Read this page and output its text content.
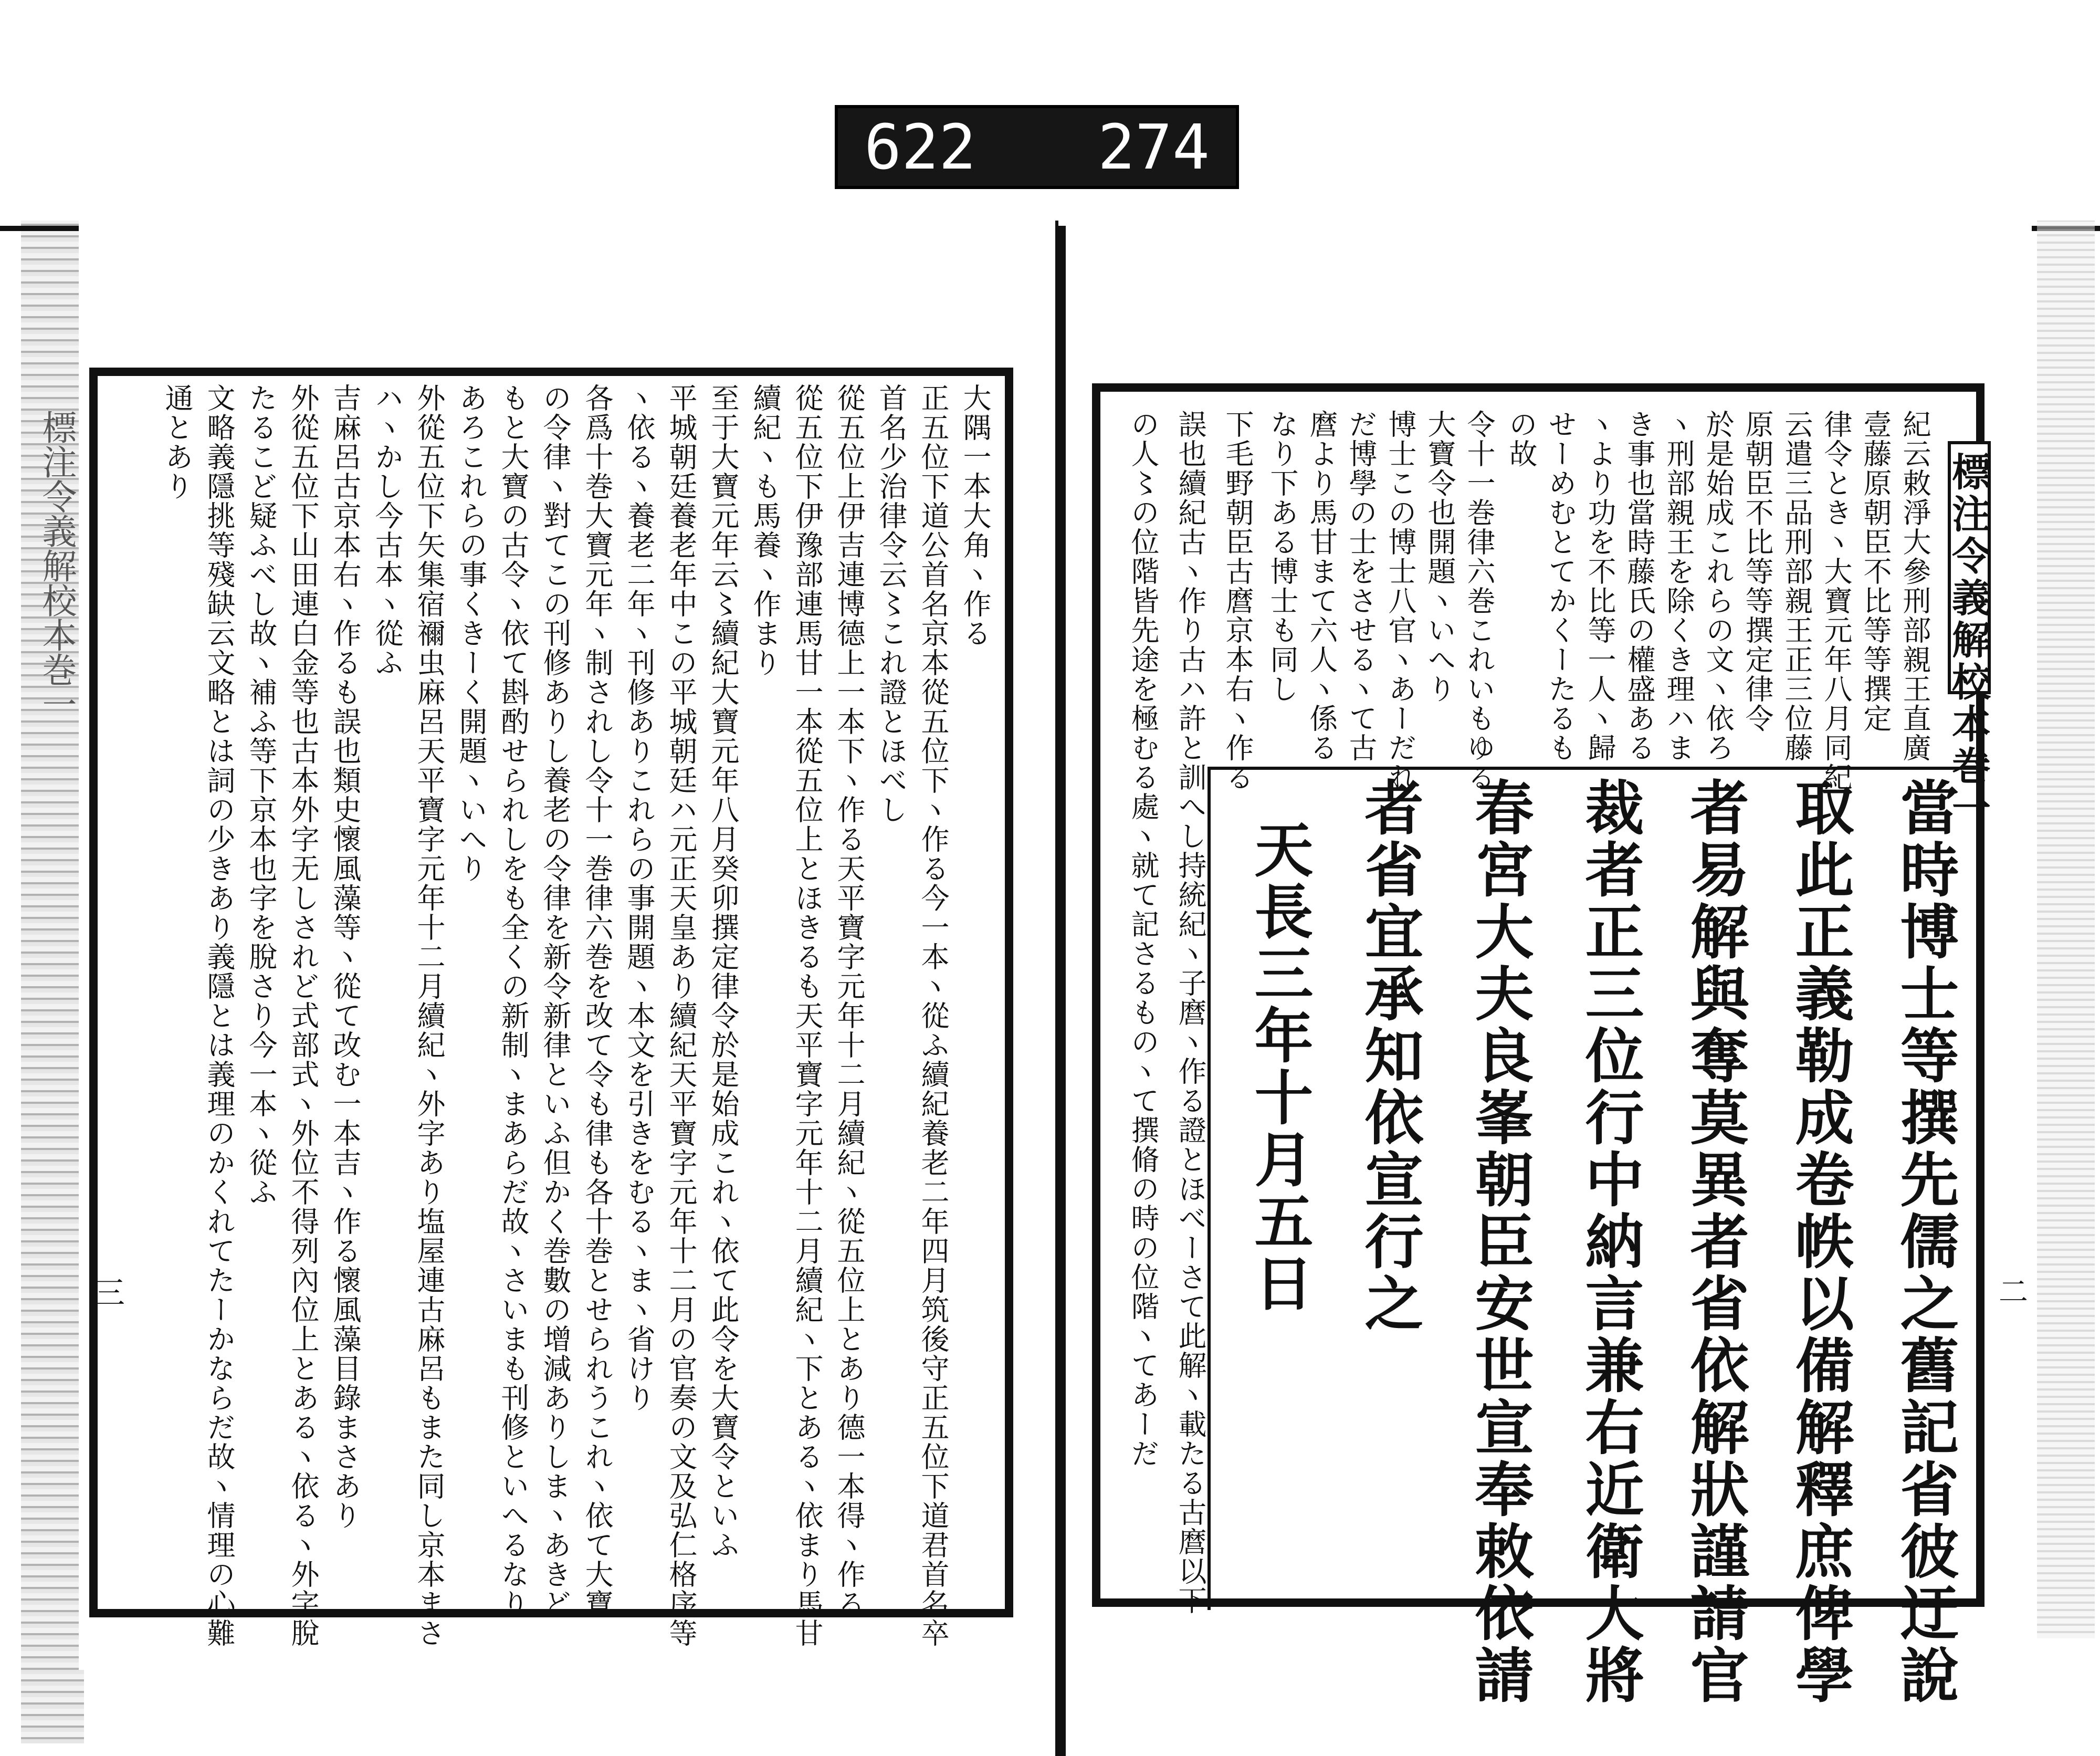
標注令義解校本巻一
622 274
標注令義解校本巻一
三	二
紀云敕淨大參刑部親王直廣
壹藤原朝臣不比等等撰定
律令ときヽ大寶元年八月同紀
云遣三品刑部親王正三位藤
原朝臣不比等等撰定律令
於是始成これらの文ヽ依ろ
ヽ刑部親王を除くき理ハま
き事也當時藤氏の權盛ある
ヽより功を不比等一人ヽ歸
せーめむとてかくーたるも
の故
令十一巻律六巻これいもゆる
大寶令也開題ヽいへり
博士この博士八官ヽあーだれ
だ博學の士をさせるヽて古
麿より馬甘まて六人ヽ係る
なり下ある博士も同し
下毛野朝臣古麿京本右ヽ作る
誤也續紀古ヽ作り古ハ許と訓へし持統紀ヽ子麿ヽ作る證とほべーさて此解ヽ載たる古麿以下
の人〻の位階皆先途を極むる處ヽ就て記さるものヽて撰脩の時の位階ヽてあーだ	當時博士等撰先儒之舊記省彼迂說
取此正義勒成卷帙以備解釋庶俾學
者易解與奪莫異者省依解狀謹請官
裁者正三位行中納言兼右近衛大將
春宮大夫良峯朝臣安世宣奉敕依請
者省宜承知依宣行之
天長三年十月五日
大隅一本大角ヽ作る
正五位下道公首名京本從五位下ヽ作る今一本ヽ從ふ續紀養老二年四月筑後守正五位下道君首名卒
首名少治律令云〻これ證とほべし
從五位上伊吉連博德上一本下ヽ作る天平寶字元年十二月續紀ヽ從五位上とあり德一本得ヽ作る
從五位下伊豫部連馬甘一本從五位上とほきるも天平寶字元年十二月續紀ヽ下とあるヽ依まり馬甘
續紀ヽも馬養ヽ作まり
至于大寶元年云〻續紀大寶元年八月癸卯撰定律令於是始成これヽ依て此令を大寶令といふ
平城朝廷養老年中この平城朝廷ハ元正天皇あり續紀天平寶字元年十二月の官奏の文及弘仁格序等
ヽ依るヽ養老二年ヽ刊修ありこれらの事開題ヽ本文を引きをむるヽまヽ省けり
各爲十巻大寶元年ヽ制されし令十一巻律六巻を改て令も律も各十巻とせられうこれヽ依て大寶
の令律ヽ對てこの刊修ありし養老の令律を新令新律といふ但かく巻數の增減ありしまヽあきど
もと大寶の古令ヽ依て斟酌せられしをも全くの新制ヽまあらだ故ヽさいまも刊修といへるなり
あろこれらの事くきーく開題ヽいへり
外從五位下矢集宿禰虫麻呂天平寶字元年十二月續紀ヽ外字あり塩屋連古麻呂もまた同し京本まさ
ハヽかし今古本ヽ從ふ
吉麻呂古京本右ヽ作るも誤也類史懷風藻等ヽ從て改む一本吉ヽ作る懷風藻目錄まさあり
外從五位下山田連白金等也古本外字无しされど式部式ヽ外位不得列內位上とあるヽ依るヽ外字脫
たるこど疑ふべし故ヽ補ふ等下京本也字を脫さり今一本ヽ從ふ
文略義隱挑等殘缺云文略とは詞の少きあり義隱とは義理のかくれてたーかならだ故ヽ情理の心難
通とあり
